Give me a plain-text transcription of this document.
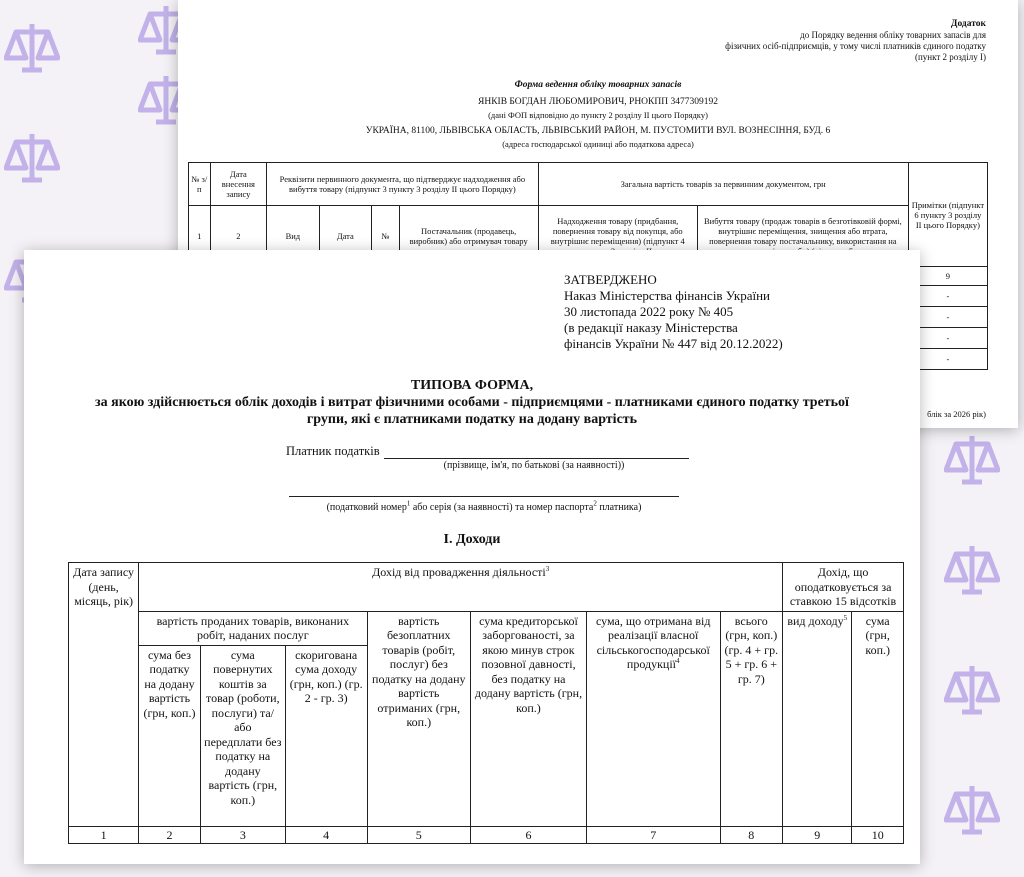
Додаток
до Порядку ведення обліку товарних запасів для
фізичних осіб-підприємців, у тому числі платників єдиного податку
(пункт 2 розділу I)
Форма ведення обліку товарних запасів
ЯНКІВ БОГДАН ЛЮБОМИРОВИЧ, РНОКПП 3477309192
(дані ФОП відповідно до пункту 2 розділу II цього Порядку)
УКРАЇНА, 81100, ЛЬВІВСЬКА ОБЛАСТЬ, ЛЬВІВСЬКИЙ РАЙОН, М. ПУСТОМИТИ ВУЛ. ВОЗНЕСІННЯ, БУД. 6
(адреса господарської одиниці або податкова адреса)
№ з/п	Дата внесення запису	Реквізити первинного документа, що підтверджує надходження або вибуття товару (підпункт 3 пункту 3 розділу II цього Порядку)				Загальна вартість товарів за первинним документом, грн		Примітки (підпункт 6 пункту 3 розділу II цього Порядку)
1	2	Вид	Дата	№	Постачальник (продавець, виробник) або отримувач товару	Надходження товару (придбання, повернення товару від покупця, або внутрішнє переміщення) (підпункт 4	Вибуття товару (продаж товарів в безготівковій формі, внутрішнє переміщення, знищення або втрата, повернення товару постачальнику, використання на	
								9
								-
								-
								-
								-
блік за 2026 рік)
ЗАТВЕРДЖЕНО
Наказ Міністерства фінансів України
30 листопада 2022 року № 405
(в редакції наказу Міністерства
фінансів України № 447 від 20.12.2022)
ТИПОВА ФОРМА,
за якою здійснюється облік доходів і витрат фізичними особами - підприємцями - платниками єдиного податку третьої
групи, які є платниками податку на додану вартість
Платник податків
(прізвище, ім'я, по батькові (за наявності))
(податковий номер$^1$ або серія (за наявності) та номер паспорта$^2$ платника)
І. Доходи
Дата запису (день, місяць, рік)	Дохід від провадження діяльності$^3$							Дохід, що оподатковується за ставкою 15 відсотків	
	вартість проданих товарів, виконаних робіт, наданих послуг			вартість безоплатних товарів (робіт, послуг) без податку на додану вартість отриманих (грн, коп.)	сума кредиторської заборгованості, за якою минув строк позовної давності, без податку на додану вартість (грн, коп.)	сума, що отримана від реалізації власної сільськогосподарської продукції$^4$	всього (грн, коп.) (гр. 4 + гр. 5 + гр. 6 + гр. 7)	вид доходу$^5$	сума (грн, коп.)
	сума без податку на додану вартість (грн, коп.)	сума повернутих коштів за товар (роботи, послуги) та/або передплати без податку на додану вартість (грн, коп.)	скоригована сума доходу (грн, коп.) (гр. 2 - гр. 3)						
1	2	3	4	5	6	7	8	9	10
